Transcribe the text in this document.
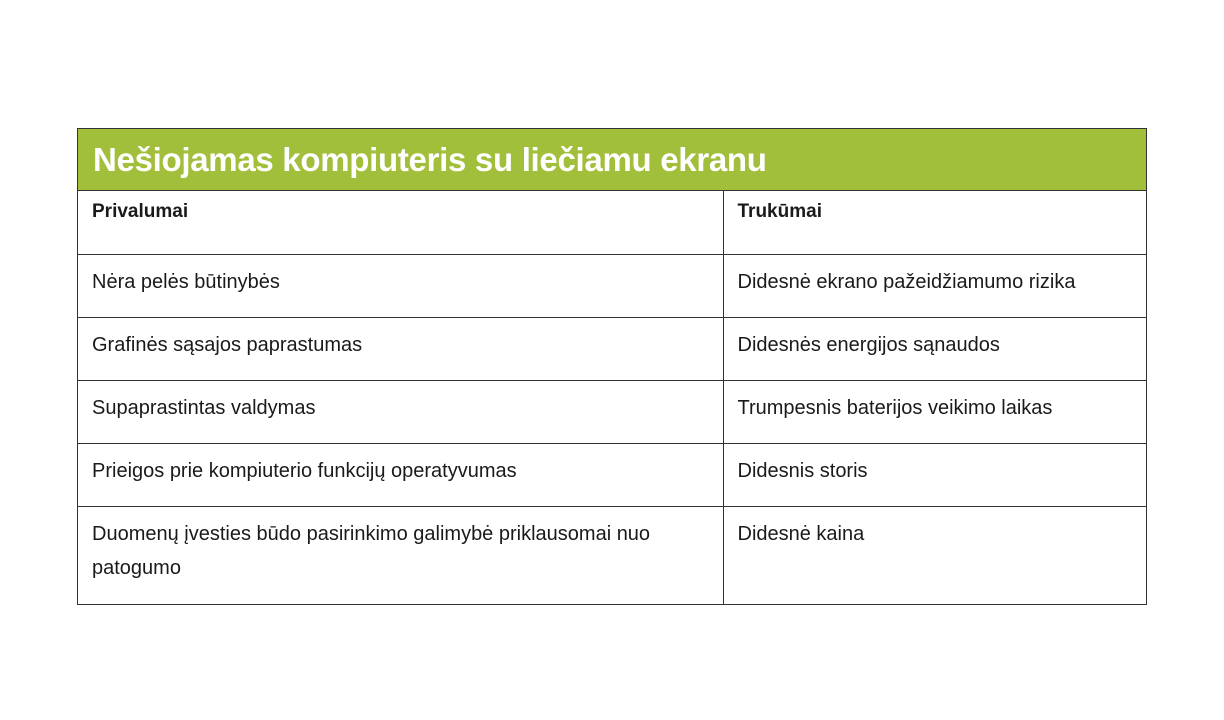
Nešiojamas kompiuteris su liečiamu ekranu
Privalumai	Trukūmai
Nėra pelės būtinybės	Didesnė ekrano pažeidžiamumo rizika
Grafinės sąsajos paprastumas	Didesnės energijos sąnaudos
Supaprastintas valdymas	Trumpesnis baterijos veikimo laikas
Prieigos prie kompiuterio funkcijų operatyvumas	Didesnis storis
Duomenų įvesties būdo pasirinkimo galimybė priklausomai nuo patogumo	Didesnė kaina
